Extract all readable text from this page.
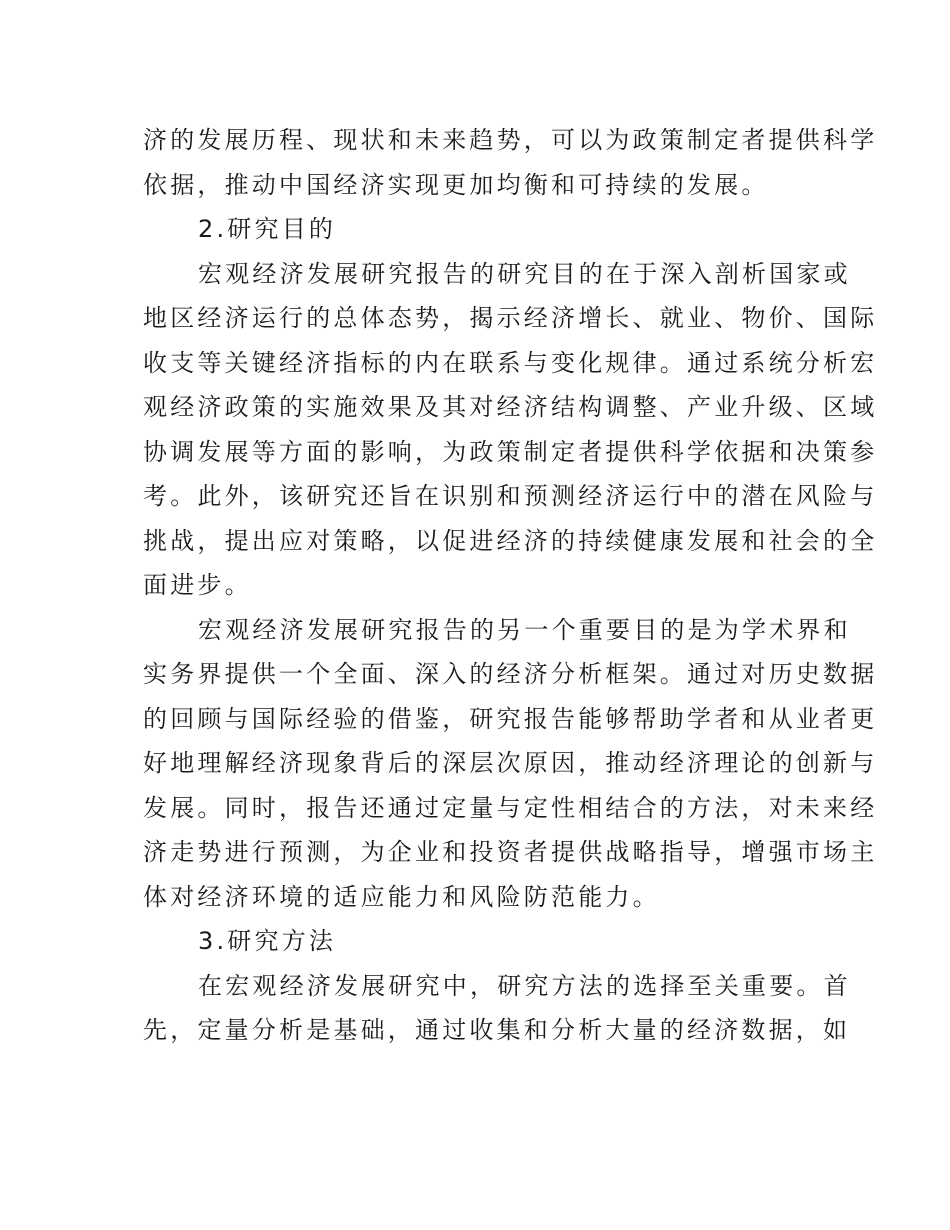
济的发展历程、现状和未来趋势，可以为政策制定者提供科学
依据，推动中国经济实现更加均衡和可持续的发展。
2.研究目的
宏观经济发展研究报告的研究目的在于深入剖析国家或
地区经济运行的总体态势，揭示经济增长、就业、物价、国际
收支等关键经济指标的内在联系与变化规律。通过系统分析宏
观经济政策的实施效果及其对经济结构调整、产业升级、区域
协调发展等方面的影响，为政策制定者提供科学依据和决策参
考。此外，该研究还旨在识别和预测经济运行中的潜在风险与
挑战，提出应对策略，以促进经济的持续健康发展和社会的全
面进步。
宏观经济发展研究报告的另一个重要目的是为学术界和
实务界提供一个全面、深入的经济分析框架。通过对历史数据
的回顾与国际经验的借鉴，研究报告能够帮助学者和从业者更
好地理解经济现象背后的深层次原因，推动经济理论的创新与
发展。同时，报告还通过定量与定性相结合的方法，对未来经
济走势进行预测，为企业和投资者提供战略指导，增强市场主
体对经济环境的适应能力和风险防范能力。
3.研究方法
在宏观经济发展研究中，研究方法的选择至关重要。首
先，定量分析是基础，通过收集和分析大量的经济数据，如
